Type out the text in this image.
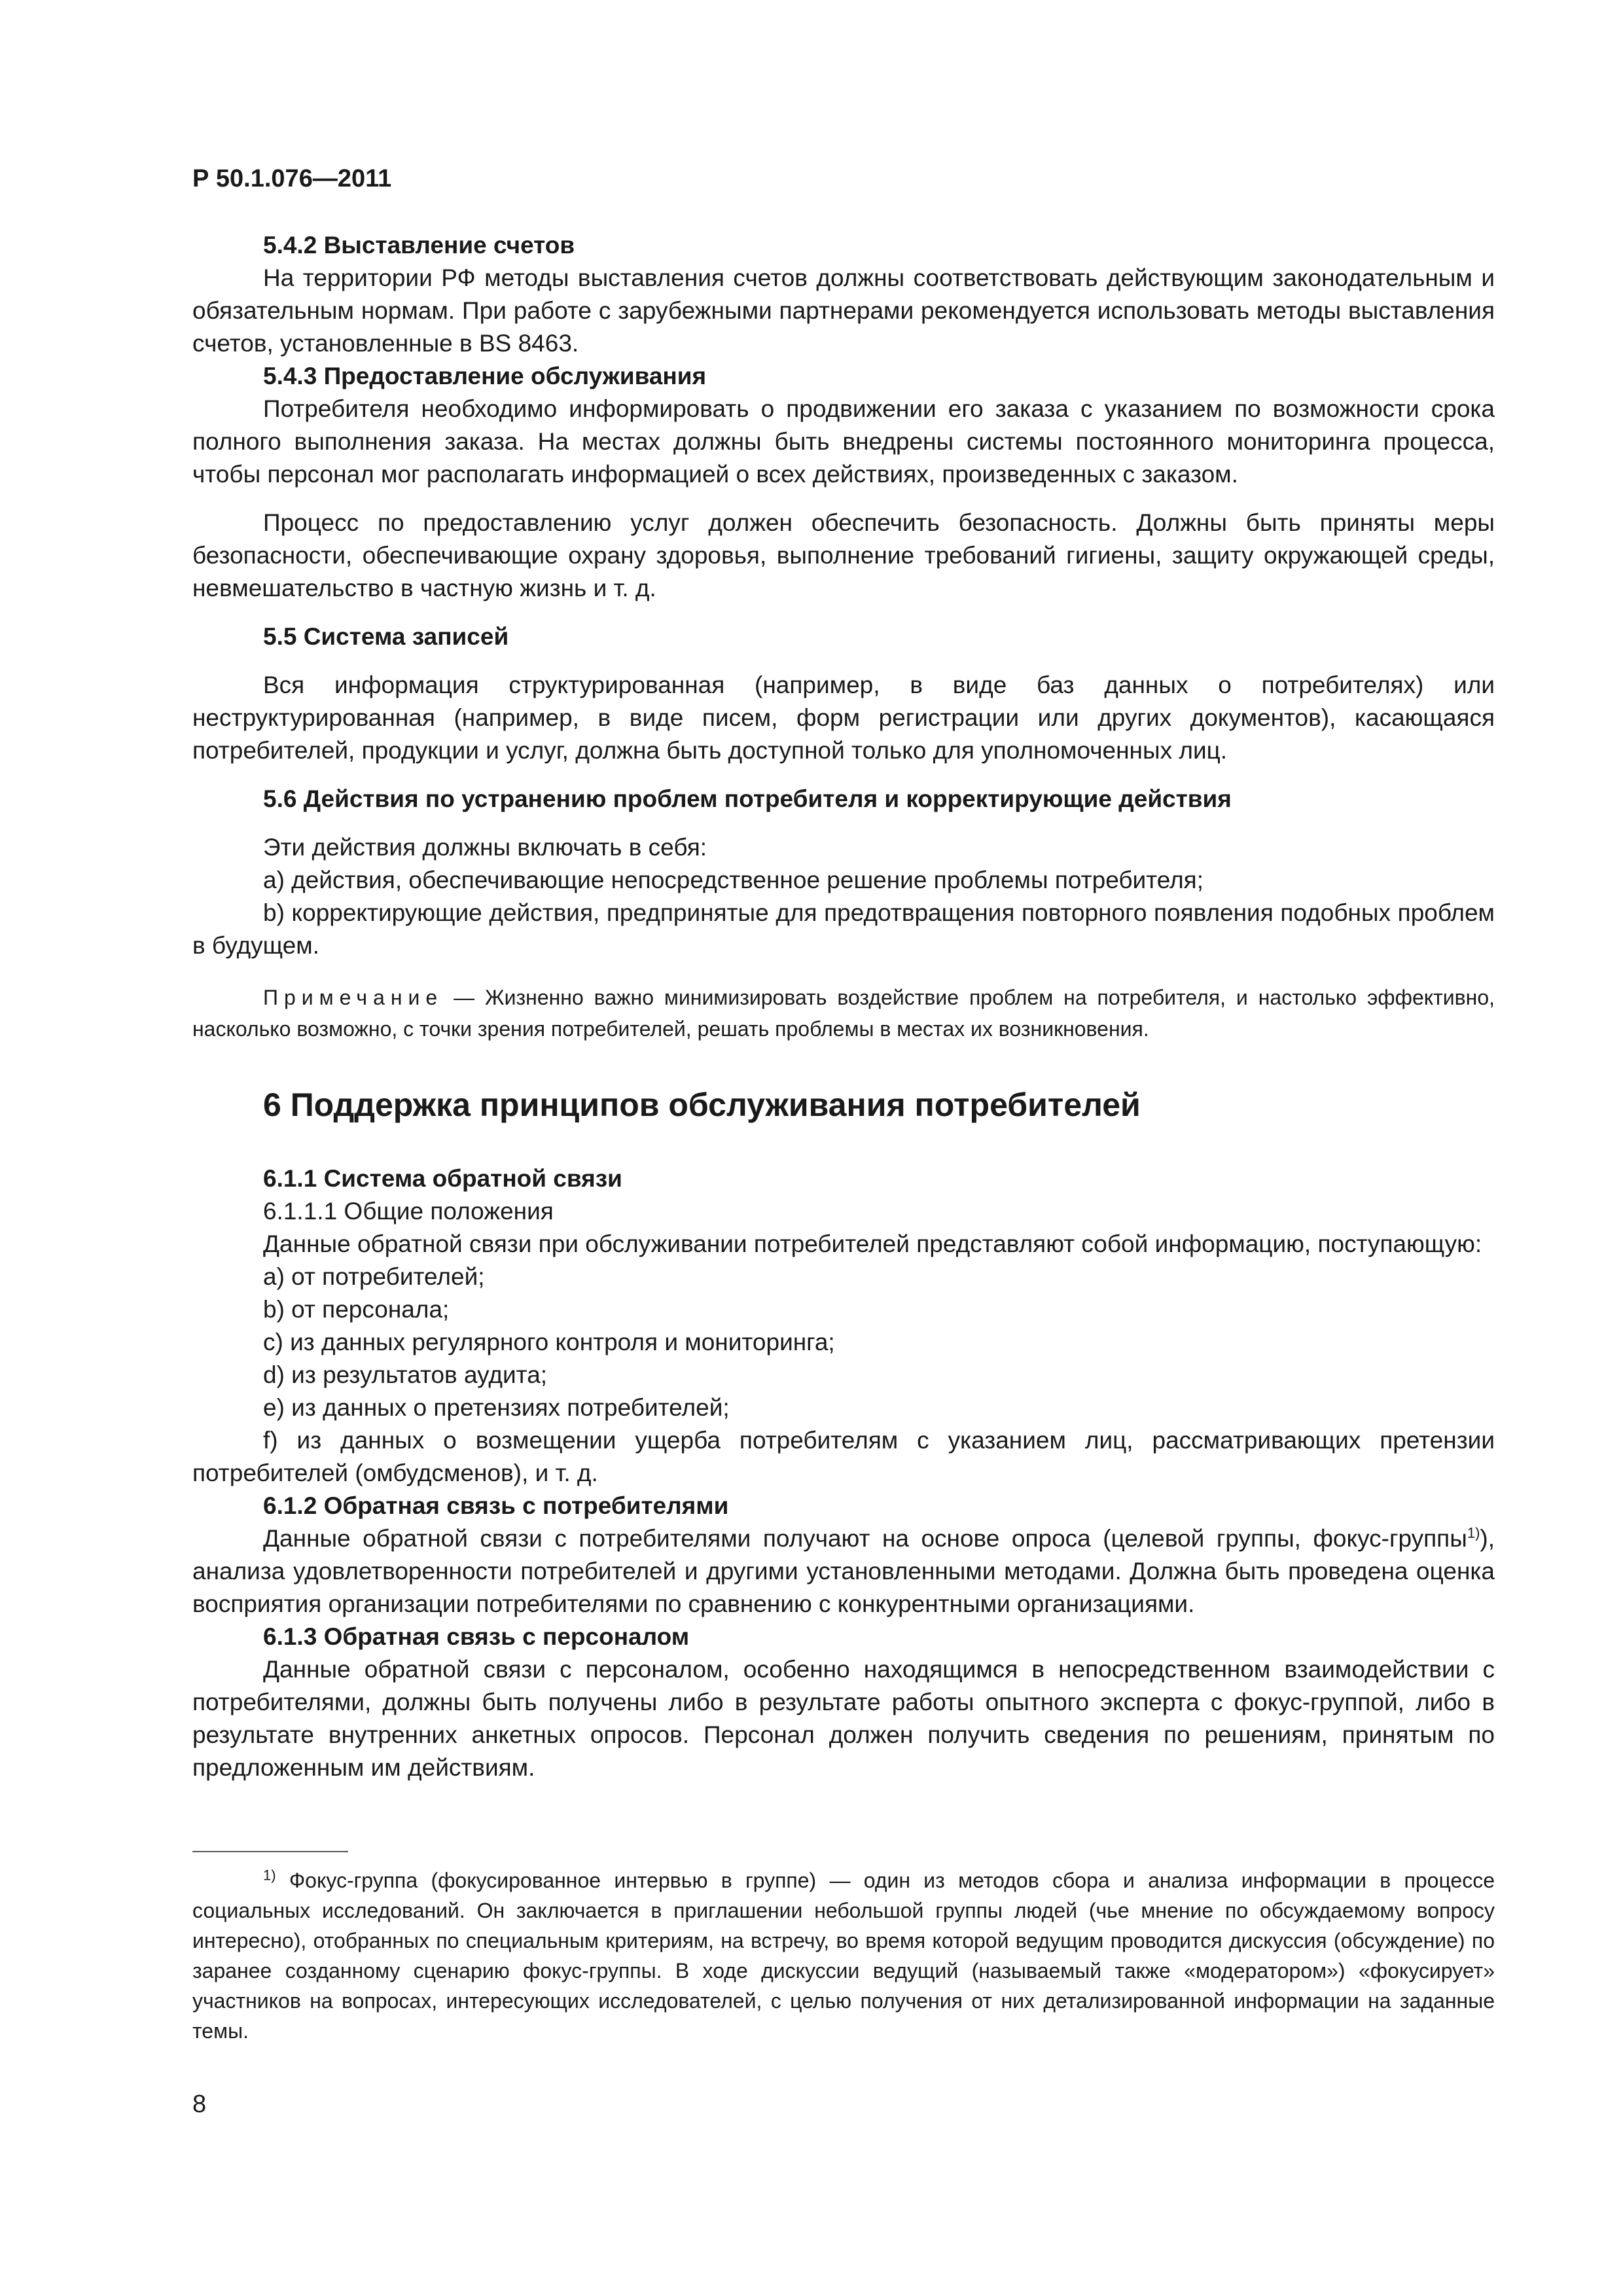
Р 50.1.076—2011

5.4.2 Выставление счетов

На территории РФ методы выставления счетов должны соответствовать действующим законодательным и обязательным нормам. При работе с зарубежными партнерами рекомендуется использовать методы выставления счетов, установленные в BS 8463.

5.4.3 Предоставление обслуживания

Потребителя необходимо информировать о продвижении его заказа с указанием по возможности срока полного выполнения заказа. На местах должны быть внедрены системы постоянного мониторинга процесса, чтобы персонал мог располагать информацией о всех действиях, произведенных с заказом.

Процесс по предоставлению услуг должен обеспечить безопасность. Должны быть приняты меры безопасности, обеспечивающие охрану здоровья, выполнение требований гигиены, защиту окружающей среды, невмешательство в частную жизнь и т. д.

5.5 Система записей

Вся информация структурированная (например, в виде баз данных о потребителях) или неструктурированная (например, в виде писем, форм регистрации или других документов), касающаяся потребителей, продукции и услуг, должна быть доступной только для уполномоченных лиц.

5.6 Действия по устранению проблем потребителя и корректирующие действия

Эти действия должны включать в себя:

a) действия, обеспечивающие непосредственное решение проблемы потребителя;

b) корректирующие действия, предпринятые для предотвращения повторного появления подобных проблем в будущем.

Примечание — Жизненно важно минимизировать воздействие проблем на потребителя, и настолько эффективно, насколько возможно, с точки зрения потребителей, решать проблемы в местах их возникновения.

6 Поддержка принципов обслуживания потребителей

6.1.1 Система обратной связи

6.1.1.1 Общие положения

Данные обратной связи при обслуживании потребителей представляют собой информацию, поступающую:

a) от потребителей;

b) от персонала;

c) из данных регулярного контроля и мониторинга;

d) из результатов аудита;

e) из данных о претензиях потребителей;

f) из данных о возмещении ущерба потребителям с указанием лиц, рассматривающих претензии потребителей (омбудсменов), и т. д.

6.1.2 Обратная связь с потребителями

Данные обратной связи с потребителями получают на основе опроса (целевой группы, фокус-группы$^{1)}$), анализа удовлетворенности потребителей и другими установленными методами. Должна быть проведена оценка восприятия организации потребителями по сравнению с конкурентными организациями.

6.1.3 Обратная связь с персоналом

Данные обратной связи с персоналом, особенно находящимся в непосредственном взаимодействии с потребителями, должны быть получены либо в результате работы опытного эксперта с фокус-группой, либо в результате внутренних анкетных опросов. Персонал должен получить сведения по решениям, принятым по предложенным им действиям.

$^{1)}$ Фокус-группа (фокусированное интервью в группе) — один из методов сбора и анализа информации в процессе социальных исследований. Он заключается в приглашении небольшой группы людей (чье мнение по обсуждаемому вопросу интересно), отобранных по специальным критериям, на встречу, во время которой ведущим проводится дискуссия (обсуждение) по заранее созданному сценарию фокус-группы. В ходе дискуссии ведущий (называемый также «модератором») «фокусирует» участников на вопросах, интересующих исследователей, с целью получения от них детализированной информации на заданные темы.

8
